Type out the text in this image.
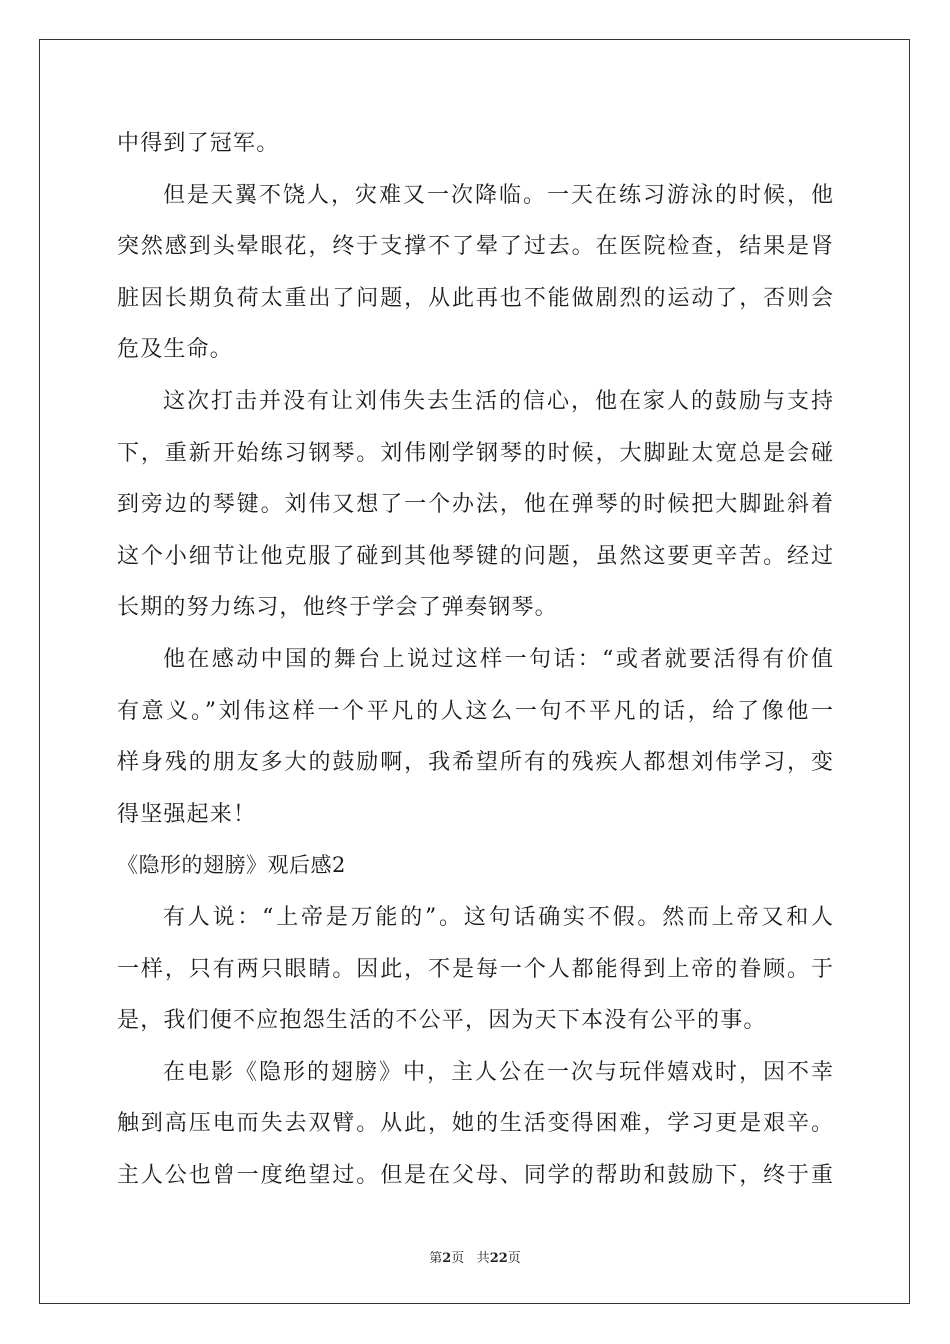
中得到了冠军。
但是天翼不饶人，灾难又一次降临。一天在练习游泳的时候，他
突然感到头晕眼花，终于支撑不了晕了过去。在医院检查，结果是肾
脏因长期负荷太重出了问题，从此再也不能做剧烈的运动了，否则会
危及生命。
这次打击并没有让刘伟失去生活的信心，他在家人的鼓励与支持
下，重新开始练习钢琴。刘伟刚学钢琴的时候，大脚趾太宽总是会碰
到旁边的琴键。刘伟又想了一个办法，他在弹琴的时候把大脚趾斜着
这个小细节让他克服了碰到其他琴键的问题，虽然这要更辛苦。经过
长期的努力练习，他终于学会了弹奏钢琴。
他在感动中国的舞台上说过这样一句话：“或者就要活得有价值
有意义。”刘伟这样一个平凡的人这么一句不平凡的话，给了像他一
样身残的朋友多大的鼓励啊，我希望所有的残疾人都想刘伟学习，变
得坚强起来！
《隐形的翅膀》观后感2
有人说：“上帝是万能的”。这句话确实不假。然而上帝又和人
一样，只有两只眼睛。因此，不是每一个人都能得到上帝的眷顾。于
是，我们便不应抱怨生活的不公平，因为天下本没有公平的事。
在电影《隐形的翅膀》中，主人公在一次与玩伴嬉戏时，因不幸
触到高压电而失去双臂。从此，她的生活变得困难，学习更是艰辛。
主人公也曾一度绝望过。但是在父母、同学的帮助和鼓励下，终于重
第2页 共22页
